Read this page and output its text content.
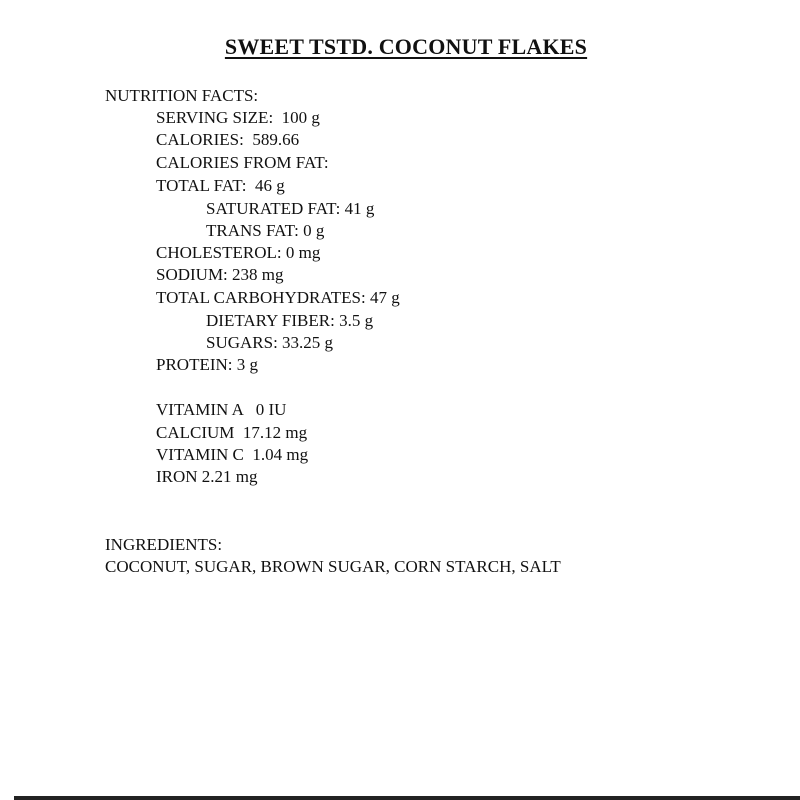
SWEET TSTD. COCONUT FLAKES
NUTRITION FACTS:
SERVING SIZE:  100 g
CALORIES:  589.66
CALORIES FROM FAT:
TOTAL FAT:  46 g
SATURATED FAT: 41 g
TRANS FAT: 0 g
CHOLESTEROL: 0 mg
SODIUM: 238 mg
TOTAL CARBOHYDRATES: 47 g
DIETARY FIBER: 3.5 g
SUGARS: 33.25 g
PROTEIN: 3 g
VITAMIN A   0 IU
CALCIUM  17.12 mg
VITAMIN C  1.04 mg
IRON 2.21 mg
INGREDIENTS:
COCONUT, SUGAR, BROWN SUGAR, CORN STARCH, SALT
